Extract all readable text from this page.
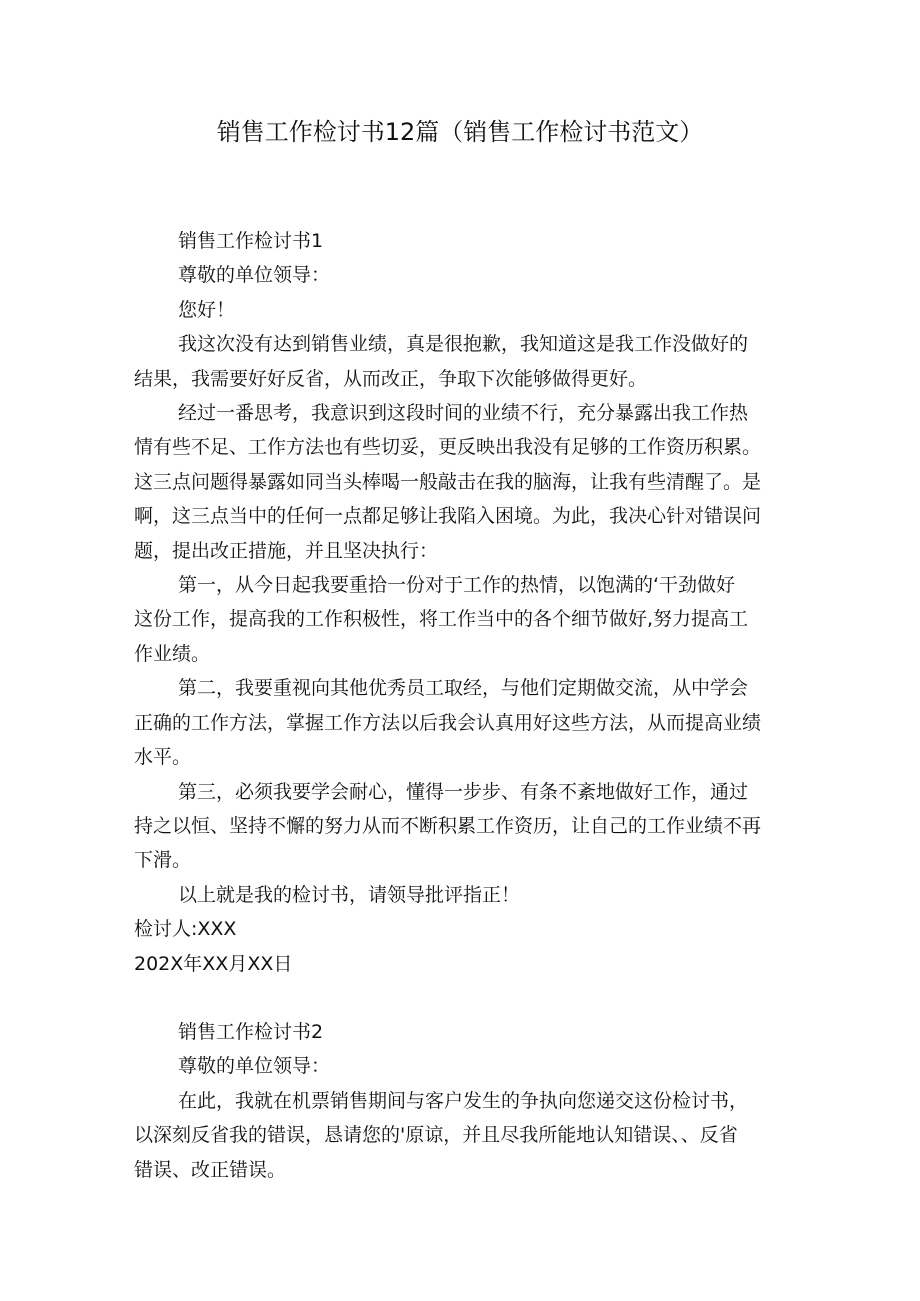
销售工作检讨书12篇（销售工作检讨书范文）

销售工作检讨书1

尊敬的单位领导：

您好！

我这次没有达到销售业绩，真是很抱歉，我知道这是我工作没做好的

结果，我需要好好反省，从而改正，争取下次能够做得更好。

经过一番思考，我意识到这段时间的业绩不行，充分暴露出我工作热

情有些不足、工作方法也有些切妥，更反映出我没有足够的工作资历积累。

这三点问题得暴露如同当头棒喝一般敲击在我的脑海，让我有些清醒了。是

啊，这三点当中的任何一点都足够让我陷入困境。为此，我决心针对错误问

题，提出改正措施，并且坚决执行：

第一，从今日起我要重拾一份对于工作的热情，以饱满的‘干劲做好

这份工作，提高我的工作积极性，将工作当中的各个细节做好,努力提高工

作业绩。

第二，我要重视向其他优秀员工取经，与他们定期做交流，从中学会

正确的工作方法，掌握工作方法以后我会认真用好这些方法，从而提高业绩

水平。

第三，必须我要学会耐心，懂得一步步、有条不紊地做好工作，通过

持之以恒、坚持不懈的努力从而不断积累工作资历，让自己的工作业绩不再

下滑。

以上就是我的检讨书，请领导批评指正！

检讨人:XXX

202X年XX月XX日

销售工作检讨书2

尊敬的单位领导：

在此，我就在机票销售期间与客户发生的争执向您递交这份检讨书，

以深刻反省我的错误，恳请您的'原谅，并且尽我所能地认知错误、、反省

错误、改正错误。
